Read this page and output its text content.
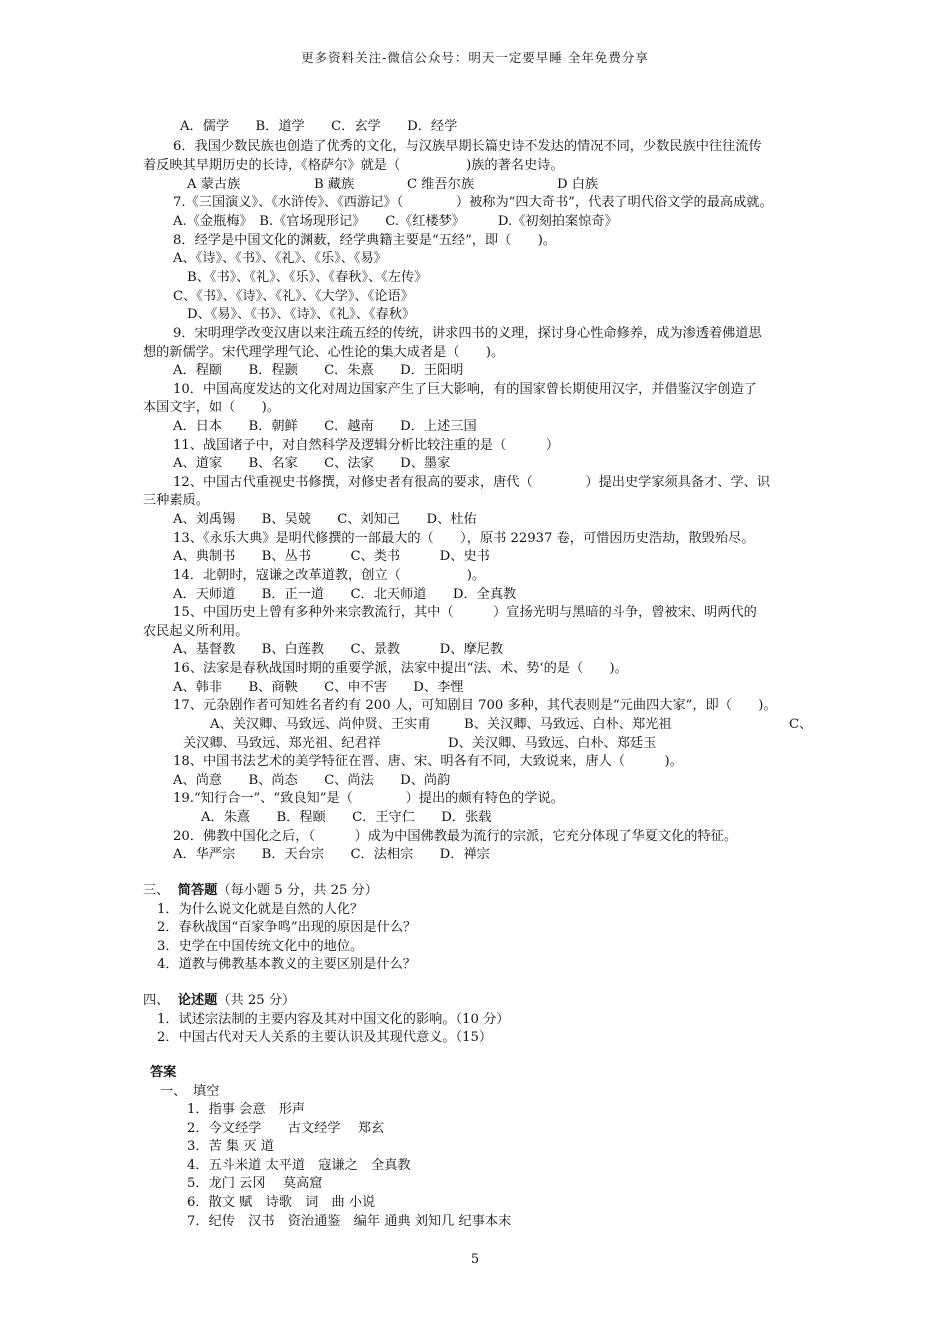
更多资料关注-微信公众号：明天一定要早睡 全年免费分享
A．儒学　　B．道学　　C．玄学　　D．经学
6．我国少数民族也创造了优秀的文化，与汉族早期长篇史诗不发达的情况不同，少数民族中往往流传
着反映其早期历史的长诗，《格萨尔》就是（　　　　　)族的著名史诗。
A 蒙古族	B 藏族	C 维吾尔族	D 白族
7.《三国演义》、《水浒传》、《西游记》（　　　　）被称为“四大奇书”，代表了明代俗文学的最高成就。
A.《金瓶梅》　B.《官场现形记》　　C.《红楼梦》　　　D.《初刻拍案惊奇》
8．经学是中国文化的渊薮，经学典籍主要是“五经”，即（　　)。
A、《诗》、《书》、《礼》、《乐》、《易》
B、《书》、《礼》、《乐》、《春秋》、《左传》
C、《书》、《诗》、《礼》、《大学》、《论语》
D、《易》、《书》、《诗》、《礼》、《春秋》
9．宋明理学改变汉唐以来注疏五经的传统，讲求四书的义理，探讨身心性命修养，成为渗透着佛道思
想的新儒学。宋代理学理气论、心性论的集大成者是（　　)。
A．程颐　　B．程颢　　C．朱熹　　D．王阳明
10．中国高度发达的文化对周边国家产生了巨大影响，有的国家曾长期使用汉字，并借鉴汉字创造了
本国文字，如（　　)。
A．日本　　B．朝鲜　　C．越南　　D．上述三国
11、战国诸子中，对自然科学及逻辑分析比较注重的是（　　　）
A、道家　　B、名家　　C、法家　　D、墨家
12、中国古代重视史书修撰，对修史者有很高的要求，唐代（　　　　）提出史学家须具备才、学、识
三种素质。
A、刘禹锡　　B、吴兢　　C、刘知己　　D、杜佑
13、《永乐大典》是明代修撰的一部最大的（　　），原书 22937 卷，可惜因历史浩劫，散毁殆尽。
A、典制书　　B、丛书　　　C、类书　　　D、史书
14．北朝时，寇谦之改革道教，创立（　　　　　)。
A．天师道　　B．正一道　　C．北天师道　　D．全真教
15、中国历史上曾有多种外来宗教流行，其中（　　　）宣扬光明与黑暗的斗争，曾被宋、明两代的
农民起义所利用。
A、基督教　　B、白莲教　　C、景教　　　D、摩尼教
16、法家是春秋战国时期的重要学派，法家中提出“法、术、势‘的是（　　)。
A、韩非　　B、商鞅　　C、申不害　　D、李悝
17、元杂剧作者可知姓名者约有 200 人，可知剧目 700 多种，其代表则是“元曲四大家”，即（　　)。
A、关汉卿、马致远、尚仲贤、王实甫	B、关汉卿、马致远、白朴、郑光祖	C、
关汉卿、马致远、郑光祖、纪君祥	D、关汉卿、马致远、白朴、郑廷玉
18、中国书法艺术的美学特征在晋、唐、宋、明各有不同，大致说来，唐人（　　　)。
A、尚意　　B、尚态　　C、尚法　　D、尚韵
19.“知行合一”、“致良知”是（　　　　）提出的颇有特色的学说。
A．朱熹　　B．程颐　　C．王守仁　　D．张载
20．佛教中国化之后，（　　　）成为中国佛教最为流行的宗派，它充分体现了华夏文化的特征。
A．华严宗　　B．天台宗　　C．法相宗　　D．禅宗
三、 简答题（每小题 5 分，共 25 分）
1．为什么说文化就是自然的人化？
2．春秋战国“百家争鸣”出现的原因是什么？
3．史学在中国传统文化中的地位。
4．道教与佛教基本教义的主要区别是什么？
四、 论述题（共 25 分）
1．试述宗法制的主要内容及其对中国文化的影响。（10 分）
2．中国古代对天人关系的主要认识及其现代意义。（15）
答案
一、　填空
1．指事 会意　形声
2．今文经学　　古文经学　 郑玄
3．苦 集 灭 道
4．五斗米道 太平道　寇谦之　全真教
5．龙门 云冈　 莫高窟
6．散文 赋　诗歌　词　曲 小说
7．纪传　汉书　资治通鉴　编年 通典 刘知几 纪事本末
5
